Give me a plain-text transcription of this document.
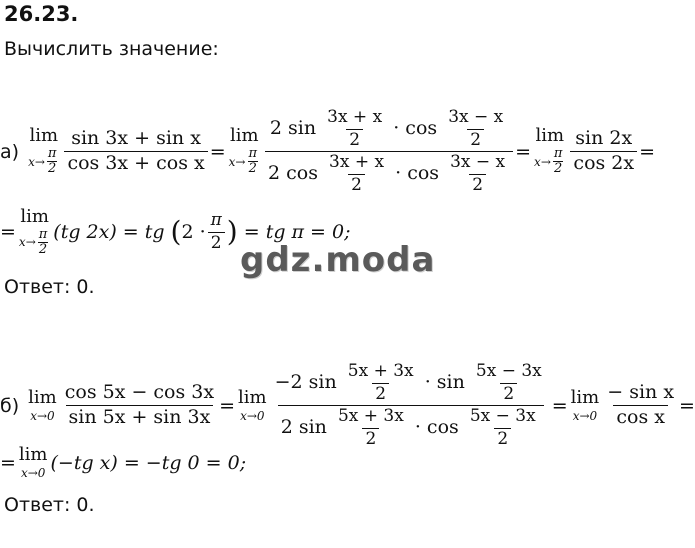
26.23.
Вычислить значение:
а)
lim
$x\to \frac{\pi}{2} \frac{\text{sin 3x + sin x}}{\text{cos 3x + cos x}}$ =
lim
$x\to \frac{\pi}{2} \frac{2 \sin \frac{3x + x}{2} \cdot \cos \frac{3x - x}{2}}{2 \cos \frac{3x + x}{2} \cdot \cos \frac{3x - x}{2}}$ =
lim
$x\to \frac{\pi}{2} \frac{\sin 2x}{\cos 2x}$ =
=
lim
$x\to \frac{\pi}{2} (tg$ 2x) = tg ( $2 \cdot \frac{\pi}{2}$ ) = tg π = 0;
gdz.moda
Ответ: 0.
б) lim
$x\to 0 \frac{\cos 5x - \cos 3x}{\sin 5x + \sin 3x} = \lim$
$x\to 0 \frac{-2 \sin \frac{5x + 3x}{2} \cdot \sin \frac{5x - 3x}{2}}{2 \sin \frac{5x + 3x}{2} \cdot \cos \frac{5x - 3x}{2}} = \lim$
$x\to 0 \frac{\text{− sin x}}{\text{cos x}}$ =
= lim
x→0 (−tg x) = −tg 0 = 0;
Ответ: 0.
